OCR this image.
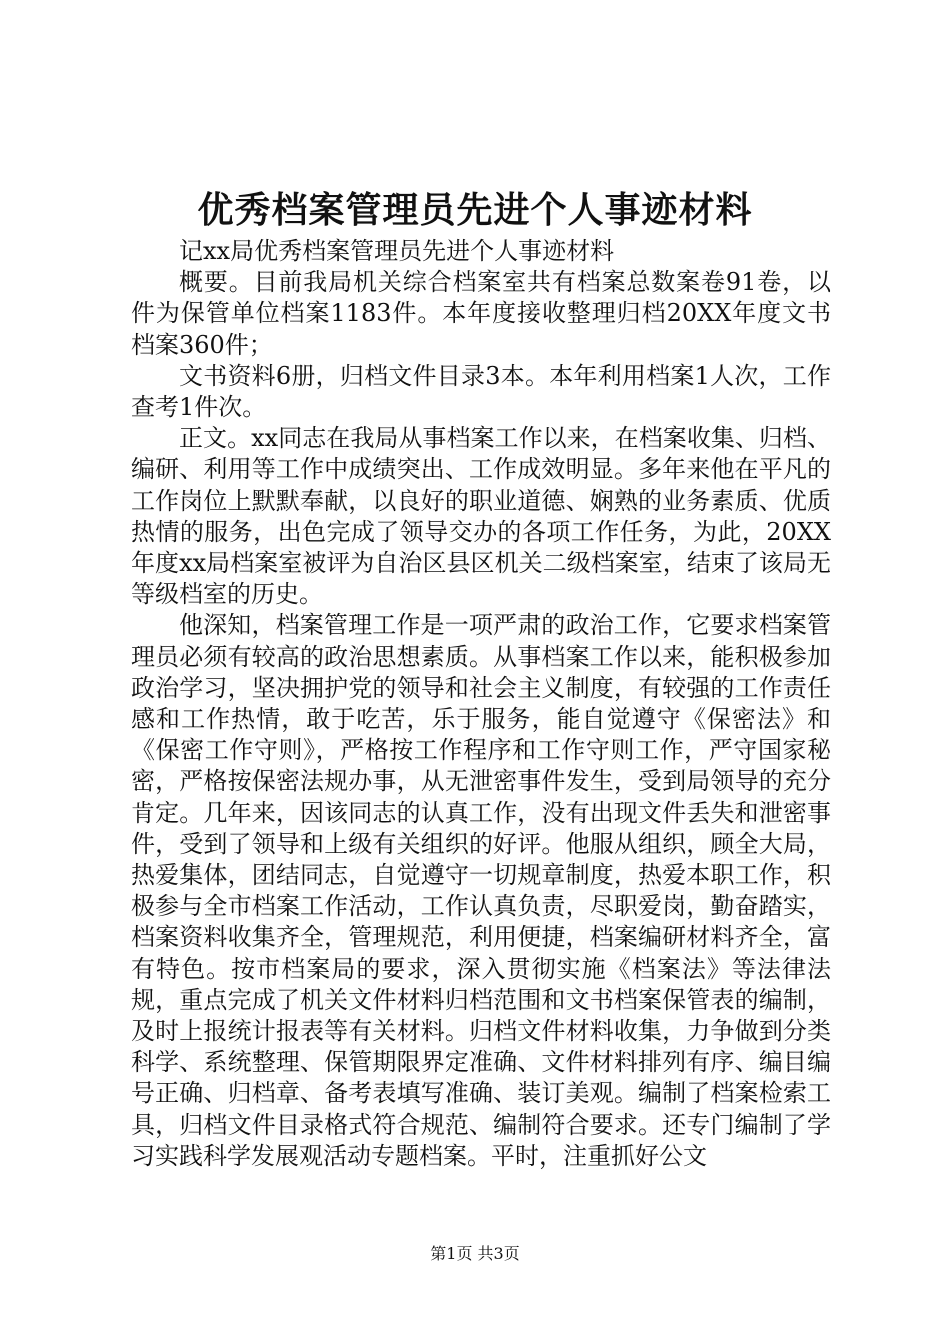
优秀档案管理员先进个人事迹材料

记xx局优秀档案管理员先进个人事迹材料

概要。目前我局机关综合档案室共有档案总数案卷91卷，以件为保管单位档案1183件。本年度接收整理归档20XX年度文书档案360件；

文书资料6册，归档文件目录3本。本年利用档案1人次，工作查考1件次。

正文。xx同志在我局从事档案工作以来，在档案收集、归档、编研、利用等工作中成绩突出、工作成效明显。多年来他在平凡的工作岗位上默默奉献，以良好的职业道德、娴熟的业务素质、优质热情的服务，出色完成了领导交办的各项工作任务，为此，20XX年度xx局档案室被评为自治区县区机关二级档案室，结束了该局无等级档室的历史。

他深知，档案管理工作是一项严肃的政治工作，它要求档案管理员必须有较高的政治思想素质。从事档案工作以来，能积极参加政治学习，坚决拥护党的领导和社会主义制度，有较强的工作责任感和工作热情，敢于吃苦，乐于服务，能自觉遵守《保密法》和《保密工作守则》，严格按工作程序和工作守则工作，严守国家秘密，严格按保密法规办事，从无泄密事件发生，受到局领导的充分肯定。几年来，因该同志的认真工作，没有出现文件丢失和泄密事件，受到了领导和上级有关组织的好评。他服从组织，顾全大局，热爱集体，团结同志，自觉遵守一切规章制度，热爱本职工作，积极参与全市档案工作活动，工作认真负责，尽职爱岗，勤奋踏实，档案资料收集齐全，管理规范，利用便捷，档案编研材料齐全，富有特色。按市档案局的要求，深入贯彻实施《档案法》等法律法规，重点完成了机关文件材料归档范围和文书档案保管表的编制，及时上报统计报表等有关材料。归档文件材料收集，力争做到分类科学、系统整理、保管期限界定准确、文件材料排列有序、编目编号正确、归档章、备考表填写准确、装订美观。编制了档案检索工具，归档文件目录格式符合规范、编制符合要求。还专门编制了学习实践科学发展观活动专题档案。平时，注重抓好公文

第1页 共3页
